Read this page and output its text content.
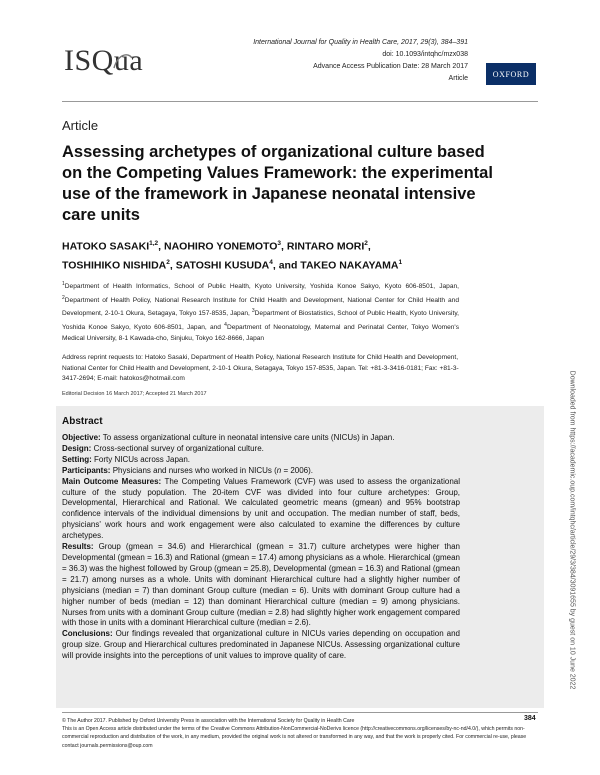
ISQua
International Journal for Quality in Health Care, 2017, 29(3), 384–391
doi: 10.1093/intqhc/mzx038
Advance Access Publication Date: 28 March 2017
Article	OXFORD
Article
Assessing archetypes of organizational culture based on the Competing Values Framework: the experimental use of the framework in Japanese neonatal intensive care units
HATOKO SASAKI$^{1,2}$, NAOHIRO YONEMOTO$^3$, RINTARO MORI$^2$,
TOSHIHIKO NISHIDA$^2$, SATOSHI KUSUDA$^4$, and TAKEO NAKAYAMA$^1$
$^1$Department of Health Informatics, School of Public Health, Kyoto University, Yoshida Konoe Sakyo, Kyoto 606-8501, Japan, $^2$Department of Health Policy, National Research Institute for Child Health and Development, National Center for Child Health and Development, 2-10-1 Okura, Setagaya, Tokyo 157-8535, Japan, $^3$Department of Biostatistics, School of Public Health, Kyoto University, Yoshida Konoe Sakyo, Kyoto 606-8501, Japan, and $^4$Department of Neonatology, Maternal and Perinatal Center, Tokyo Women's Medical University, 8-1 Kawada-cho, Sinjuku, Tokyo 162-8666, Japan
Address reprint requests to: Hatoko Sasaki, Department of Health Policy, National Research Institute for Child Health and Development, National Center for Child Health and Development, 2-10-1 Okura, Setagaya, Tokyo 157-8535, Japan. Tel: +81-3-3416-0181; Fax: +81-3-3417-2694; E-mail: hatokos@hotmail.com
Editorial Decision 16 March 2017; Accepted 21 March 2017
Abstract

Objective: To assess organizational culture in neonatal intensive care units (NICUs) in Japan.

Design: Cross-sectional survey of organizational culture.

Setting: Forty NICUs across Japan.

Participants: Physicians and nurses who worked in NICUs (n = 2006).

Main Outcome Measures: The Competing Values Framework (CVF) was used to assess the organizational culture of the study population. The 20-item CVF was divided into four culture archetypes: Group, Developmental, Hierarchical and Rational. We calculated geometric means (gmean) and 95% bootstrap confidence intervals of the individual dimensions by unit and occupation. The median number of staff, beds, physicians' work hours and work engagement were also calculated to examine the differences by culture archetypes.

Results: Group (gmean = 34.6) and Hierarchical (gmean = 31.7) culture archetypes were higher than Developmental (gmean = 16.3) and Rational (gmean = 17.4) among physicians as a whole. Hierarchical (gmean = 36.3) was the highest followed by Group (gmean = 25.8), Developmental (gmean = 16.3) and Rational (gmean = 21.7) among nurses as a whole. Units with dominant Hierarchical culture had a slightly higher number of physicians (median = 7) than dominant Group culture (median = 6). Units with dominant Group culture had a higher number of beds (median = 12) than dominant Hierarchical culture (median = 9) among physicians. Nurses from units with a dominant Group culture (median = 2.8) had slightly higher work engagement compared with those in units with a dominant Hierarchical culture (median = 2.6).

Conclusions: Our findings revealed that organizational culture in NICUs varies depending on occupation and group size. Group and Hierarchical cultures predominated in Japanese NICUs. Assessing organizational culture will provide insights into the perceptions of unit values to improve quality of care.

© The Author 2017. Published by Oxford University Press in association with the International Society for Quality in Health Care
This is an Open Access article distributed under the terms of the Creative Commons Attribution-NonCommercial-NoDerivs licence (http://creativecommons.org/licenses/by-nc-nd/4.0/), which permits non-commercial reproduction and distribution of the work, in any medium, provided the original work is not altered or transformed in any way, and that the work is properly cited. For commercial re-use, please contact journals.permissions@oup.com
384
Downloaded from https://academic.oup.com/intqhc/article/29/3/384/3091655 by guest on 10 June 2022
